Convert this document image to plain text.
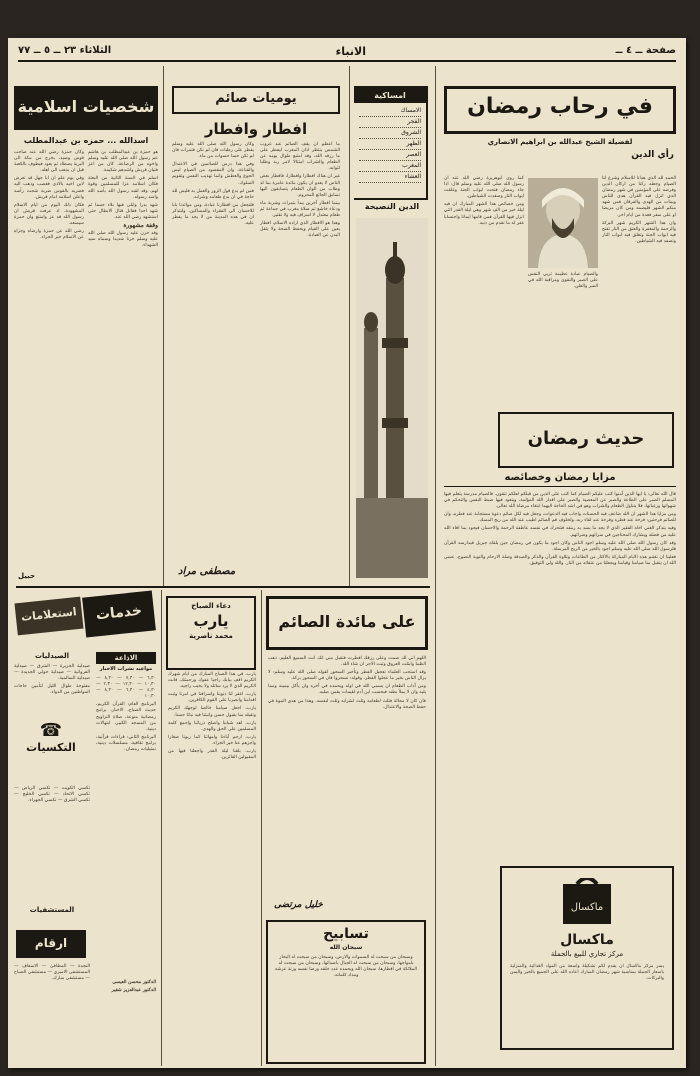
صفحة ــ ٤ ــ
الانباء
الثلاثاء ٢٣ ــ ٥ ــ ٧٧
في رحاب رمضان
لفضيلة الشيخ عبدالله بن ابراهيم الانصاري
رأي الدين

الحمد لله الذي هدانا للاسلام وشرع لنا الصيام وجعله ركنا من اركان الدين وفرضه على المؤمنين في شهر رمضان الذي انزل فيه القرآن هدى للناس وبينات من الهدى والفرقان فمن شهد منكم الشهر فليصمه ومن كان مريضا او على سفر فعدة من ايام اخر.

وان هذا الشهر الكريم شهر البركة والرحمة والمغفرة والعتق من النار تفتح فيه ابواب الجنة وتغلق فيه ابواب النار وتصفد فيه الشياطين.

كما روى ابوهريرة رضي الله عنه ان رسول الله صلى الله عليه وسلم قال: اذا جاء رمضان فتحت ابواب الجنة وغلقت ابواب النار وصفدت الشياطين.

ومن خصائص هذا الشهر المبارك ان فيه ليلة خير من الف شهر وهي ليلة القدر التي انزل فيها القرآن فمن قامها ايمانا واحتسابا غفر له ما تقدم من ذنبه.

والصيام عبادة عظيمة تربي النفس على الصبر والتقوى ومراقبة الله في السر والعلن.

حديث رمضان
مزايا رمضان وخصائصه

قال الله تعالى: يا ايها الذين آمنوا كتب عليكم الصيام كما كتب على الذين من قبلكم لعلكم تتقون. فالصيام مدرسة يتعلم فيها المسلم الصبر على الطاعة والصبر عن المعصية والصبر على اقدار الله المؤلمة، ويتعود فيها ضبط النفس والتحكم في شهواتها ورغباتها، فلا يتناول الطعام والشراب وهو في اشد الحاجة اليهما ابتغاء مرضاة الله تعالى.

ومن مزايا هذا الشهر ان الله ضاعف فيه الحسنات واجاب فيه الدعوات، وجعل فيه لكل صائم دعوة مستجابة عند فطره، وان للصائم فرحتين: فرحة عند فطره وفرحة عند لقاء ربه، ولخلوف فم الصائم اطيب عند الله من ريح المسك.

وفيه يتذكر الغني اخاه الفقير الذي لا يجد ما يسد به رمقه فتتحرك في نفسه عاطفة الرحمة والاحسان فيجود بما افاء الله عليه من فضله ويشارك المحتاجين في سرائهم وضرائهم.

وقد كان رسول الله صلى الله عليه وسلم اجود الناس وكان اجود ما يكون في رمضان حين يلقاه جبريل فيدارسه القرآن فلرسول الله صلى الله عليه وسلم اجود بالخير من الريح المرسلة.

فعلينا ان نغتنم هذه الايام المباركة بالاكثار من الطاعات وتلاوة القرآن والذكر والصدقة وصلة الارحام والتوبة النصوح، عسى الله ان يتقبل منا صيامنا وقيامنا ويجعلنا من عتقائه من النار. والله ولي التوفيق.

ماكسال
ماكسال
مركز تجاري للبيع بالجملة

يسر مركز ماكسال ان يقدم لكم تشكيلة واسعة من المواد الغذائية والمنزلية باسعار الجملة بمناسبة شهر رمضان المبارك اعاده الله على الجميع بالخير واليمن والبركات.

امساكية
الامساك
الفجر
الشروق
الظهر
العصر
المغرب
العشاء
الدين النصيحة
يوميات صائم
افطار وافطار

ما اعظم ان يقف الصائم عند غروب الشمس ينتظر اذان المغرب ليفطر على ما رزقه الله، وقد امتنع طوال يومه عن الطعام والشراب امتثالا لامر ربه وطلبا لثوابه.

غير ان هناك افطارا وافطارا، فافطار بعض الناس لا يعدو ان يكون مائدة عامرة بما لذ وطاب من الوان الطعام يتسابقون اليها تسابق الجائع المحروم.

بينما افطار آخرين يبدأ بتمرات وشربة ماء ودعاء خاشع ثم صلاة مغرب في جماعة ثم طعام معتدل لا اسراف فيه ولا تقتير.

وهذا هو الافطار الذي اراده الاسلام، افطار يعين على القيام ويحفظ الصحة ولا يثقل البدن عن العبادة.

وكان رسول الله صلى الله عليه وسلم يفطر على رطبات فان لم تكن فتمرات فان لم تكن حسا حسوات من ماء.

وفي هذا درس للصائمين في الاعتدال والقناعة، وان المقصود من الصيام ليس الجوع والعطش وانما تهذيب النفس وتقويم السلوك.

فمن لم يدع قول الزور والعمل به فليس لله حاجة في ان يدع طعامه وشرابه.

فلنجعل من افطارنا عبادة، ومن موائدنا بابا للاحسان الى الفقراء والمساكين، ولنتذكر ان في هذه المدينة من لا يجد ما يفطر عليه.

مصطفى مراد
شخصيات اسلامية
اسدالله ... حمزه بن عبدالمطلب

هو حمزة بن عبدالمطلب بن هاشم عم رسول الله صلى الله عليه وسلم واخوه من الرضاعة، كان من اعز فتيان قريش واشدهم شكيمة.

اسلم في السنة الثانية من البعثة فكان اسلامه عزا للمسلمين وقوة لهم، وقد لقبه رسول الله بأسد الله واسد رسوله.

شهد بدرا وابلى فيها بلاء حسنا ثم شهد احدا فقاتل قتال الابطال حتى استشهد رضي الله عنه.

وقفة مشهورة

وقد حزن عليه رسول الله صلى الله عليه وسلم حزنا شديدا وسماه سيد الشهداء.

وكان حمزة رضي الله عنه صاحب قوس وصيد، يخرج من مكة الى البرية يصطاد ثم يعود فيطوف بالكعبة قبل ان يذهب الى اهله.

وفي يوم علم ان ابا جهل قد تعرض لابن اخيه بالاذى فغضب وذهب اليه فضربه بالقوس ضربة شجت رأسه واعلن اسلامه امام قريش.

فكان ذلك اليوم من ايام الاسلام المشهودة، اذ عرفت قريش ان رسول الله قد عز وامتنع وان حمزة سيمنعه.

رضي الله عن حمزة وارضاه وجزاه عن الاسلام خير الجزاء.

حبيل
على مائدة الصائم

اللهم اني لك صمت وعلى رزقك افطرت فتقبل مني انك انت السميع العليم. ذهب الظمأ وابتلت العروق وثبت الاجر ان شاء الله.

وقد استحب العلماء تعجيل الفطر وتأخير السحور لقوله صلى الله عليه وسلم: لا يزال الناس بخير ما عجلوا الفطر. وقوله: تسحروا فان في السحور بركة.

ومن آداب الطعام ان يسمي الله في اوله ويحمده في آخره وان يأكل بيمينه ومما يليه وان لا يملأ بطنه فبحسب ابن آدم لقيمات يقمن صلبه.

فان كان لا محالة فثلث لطعامه وثلث لشرابه وثلث لنفسه. وهذا من هدي النبوة في حفظ الصحة والاعتدال.

خليل مرتضى
تسابيح
سبحان الله

وسبحان من سبحت له السموات والارض، وسبحان من سبحت له البحار بامواجها، وسبحان من سبحت له الجبال باصدائها، وسبحان من سبحت له الملائكة في اقطارها، سبحان الله وبحمده عدد خلقه ورضا نفسه وزنة عرشه ومداد كلماته.

دعاء الصباح
يارب
محمد ناصرية

يارب، في هذا الصباح المبارك من ايام شهرك الكريم اقف ببابك راجيا عفوك ورحمتك، فانت الكريم الذي لا يرد سائله ولا يخيب راجيه.

يارب، اغفر لنا ذنوبنا واسرافنا في امرنا وثبت اقدامنا وانصرنا على القوم الكافرين.

يارب، اجعل صيامنا خالصا لوجهك الكريم وتقبله منا بقبول حسن وانبتنا فيه نباتا حسنا.

يارب، اهد شبابنا واصلح ذرياتنا واجمع كلمة المسلمين على الحق والهدى.

يارب، ارحم آباءنا وامهاتنا كما ربونا صغارا واجزهم عنا خير الجزاء.

يارب، بلغنا ليلة القدر واجعلنا فيها من المقبولين الفائزين.

خدمات
استعلامات
الاذاعة
مواعيد نشرات الاخبار

٦,٣٠ — ٧,٣٠ — ٨,٣٠ — ١٠,٣٠ — ١٢,٣٠ — ٢,٣٠ — ٤,٣٠ — ٦,٣٠ — ٨,٣٠ — ١٠,٣٠

البرنامج العام: القرآن الكريم، حديث الصباح، الاخبار، برامج رمضانية منوعة، صلاة التراويح من المسجد الكبير، ابتهالات دينية.

البرنامج الثاني: قراءات قرآنية، برامج ثقافية، مسلسلات دينية، تمثيليات رمضان.

الصيدليات

صيدلية الجزيرة — الشرق — صيدلية الفروانية — صيدلية حولي الجديدة — صيدلية السالمية.

مفتوحة طوال الليل لتأمين حاجات المواطنين من الدواء.

☎
التكسيات

تكسي الكويت — تكسي الرياض — تكسي الاتحاد — تكسي الخليج — تكسي الشرق — تكسي الجهراء.

المستشفيات
ارقام

النجدة — المطافئ — الاسعاف — المستشفى الاميري — مستشفى الصباح — مستشفى مبارك.

الدكتور محسن العيسى

الدكتور عبدالعزيز شقير
